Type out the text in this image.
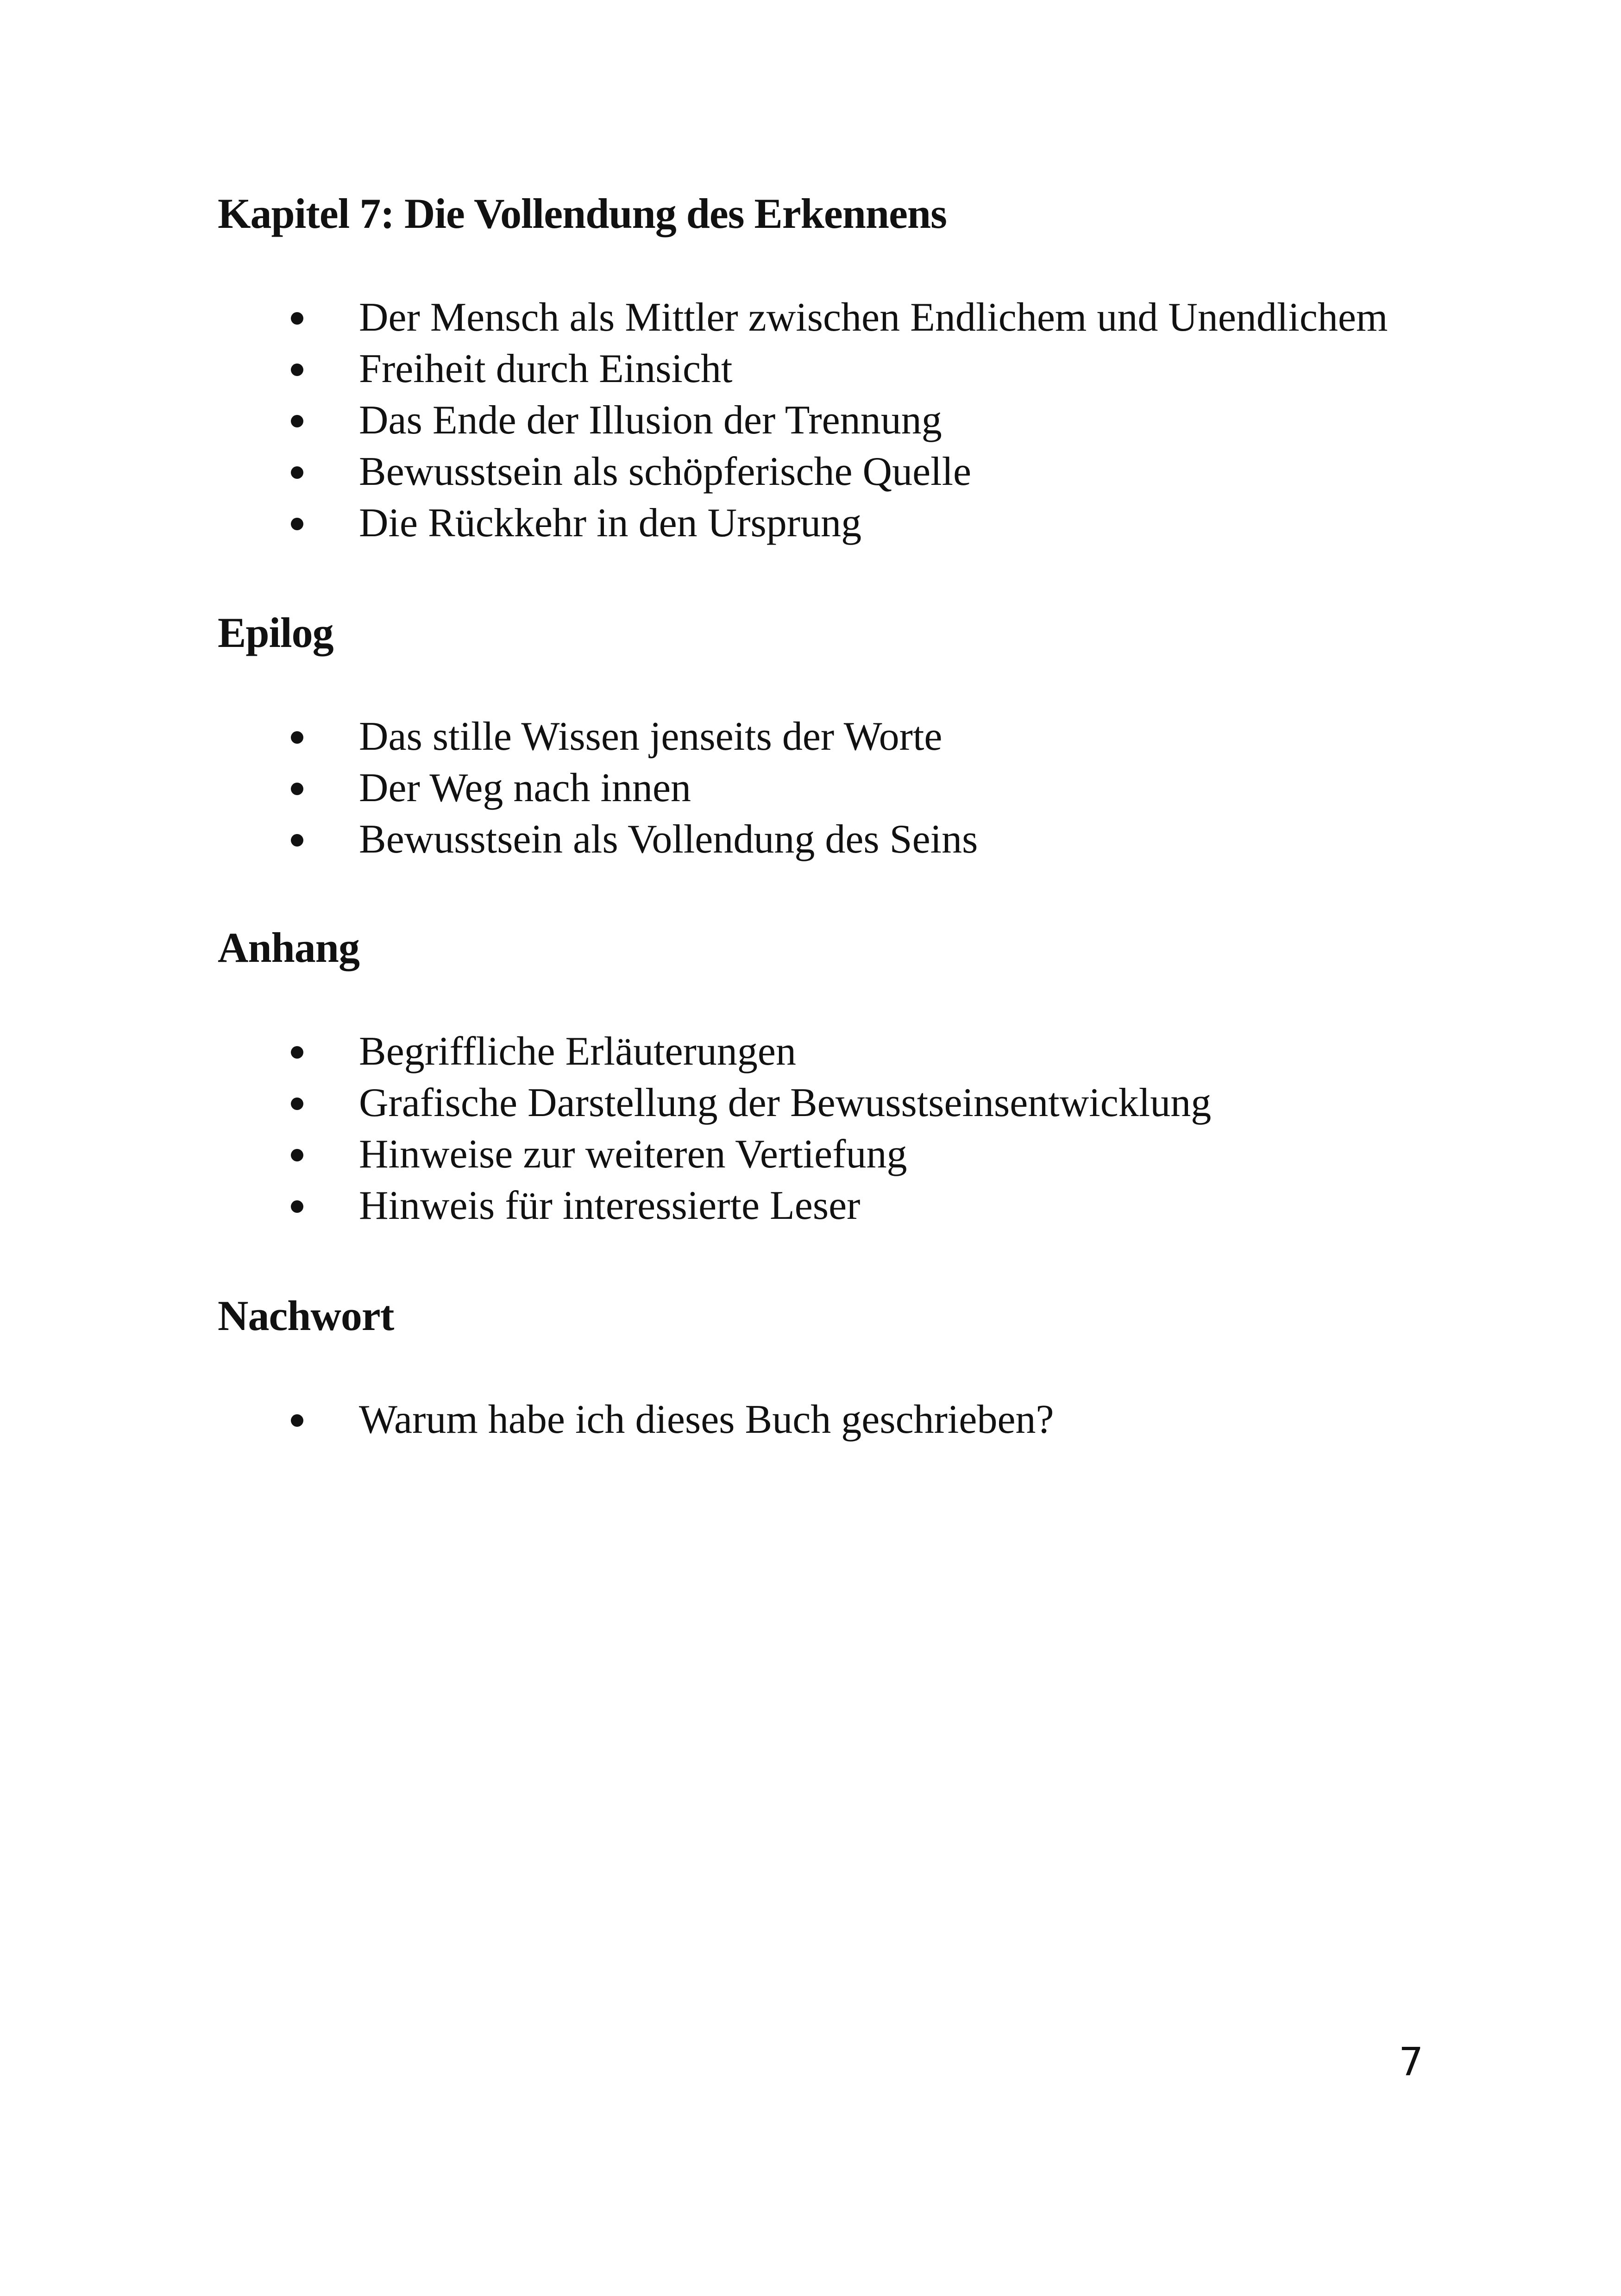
Kapitel 7: Die Vollendung des Erkennens
Der Mensch als Mittler zwischen Endlichem und Unendlichem
Freiheit durch Einsicht
Das Ende der Illusion der Trennung
Bewusstsein als schöpferische Quelle
Die Rückkehr in den Ursprung
Epilog
Das stille Wissen jenseits der Worte
Der Weg nach innen
Bewusstsein als Vollendung des Seins
Anhang
Begriffliche Erläuterungen
Grafische Darstellung der Bewusstseinsentwicklung
Hinweise zur weiteren Vertiefung
Hinweis für interessierte Leser
Nachwort
Warum habe ich dieses Buch geschrieben?
7
